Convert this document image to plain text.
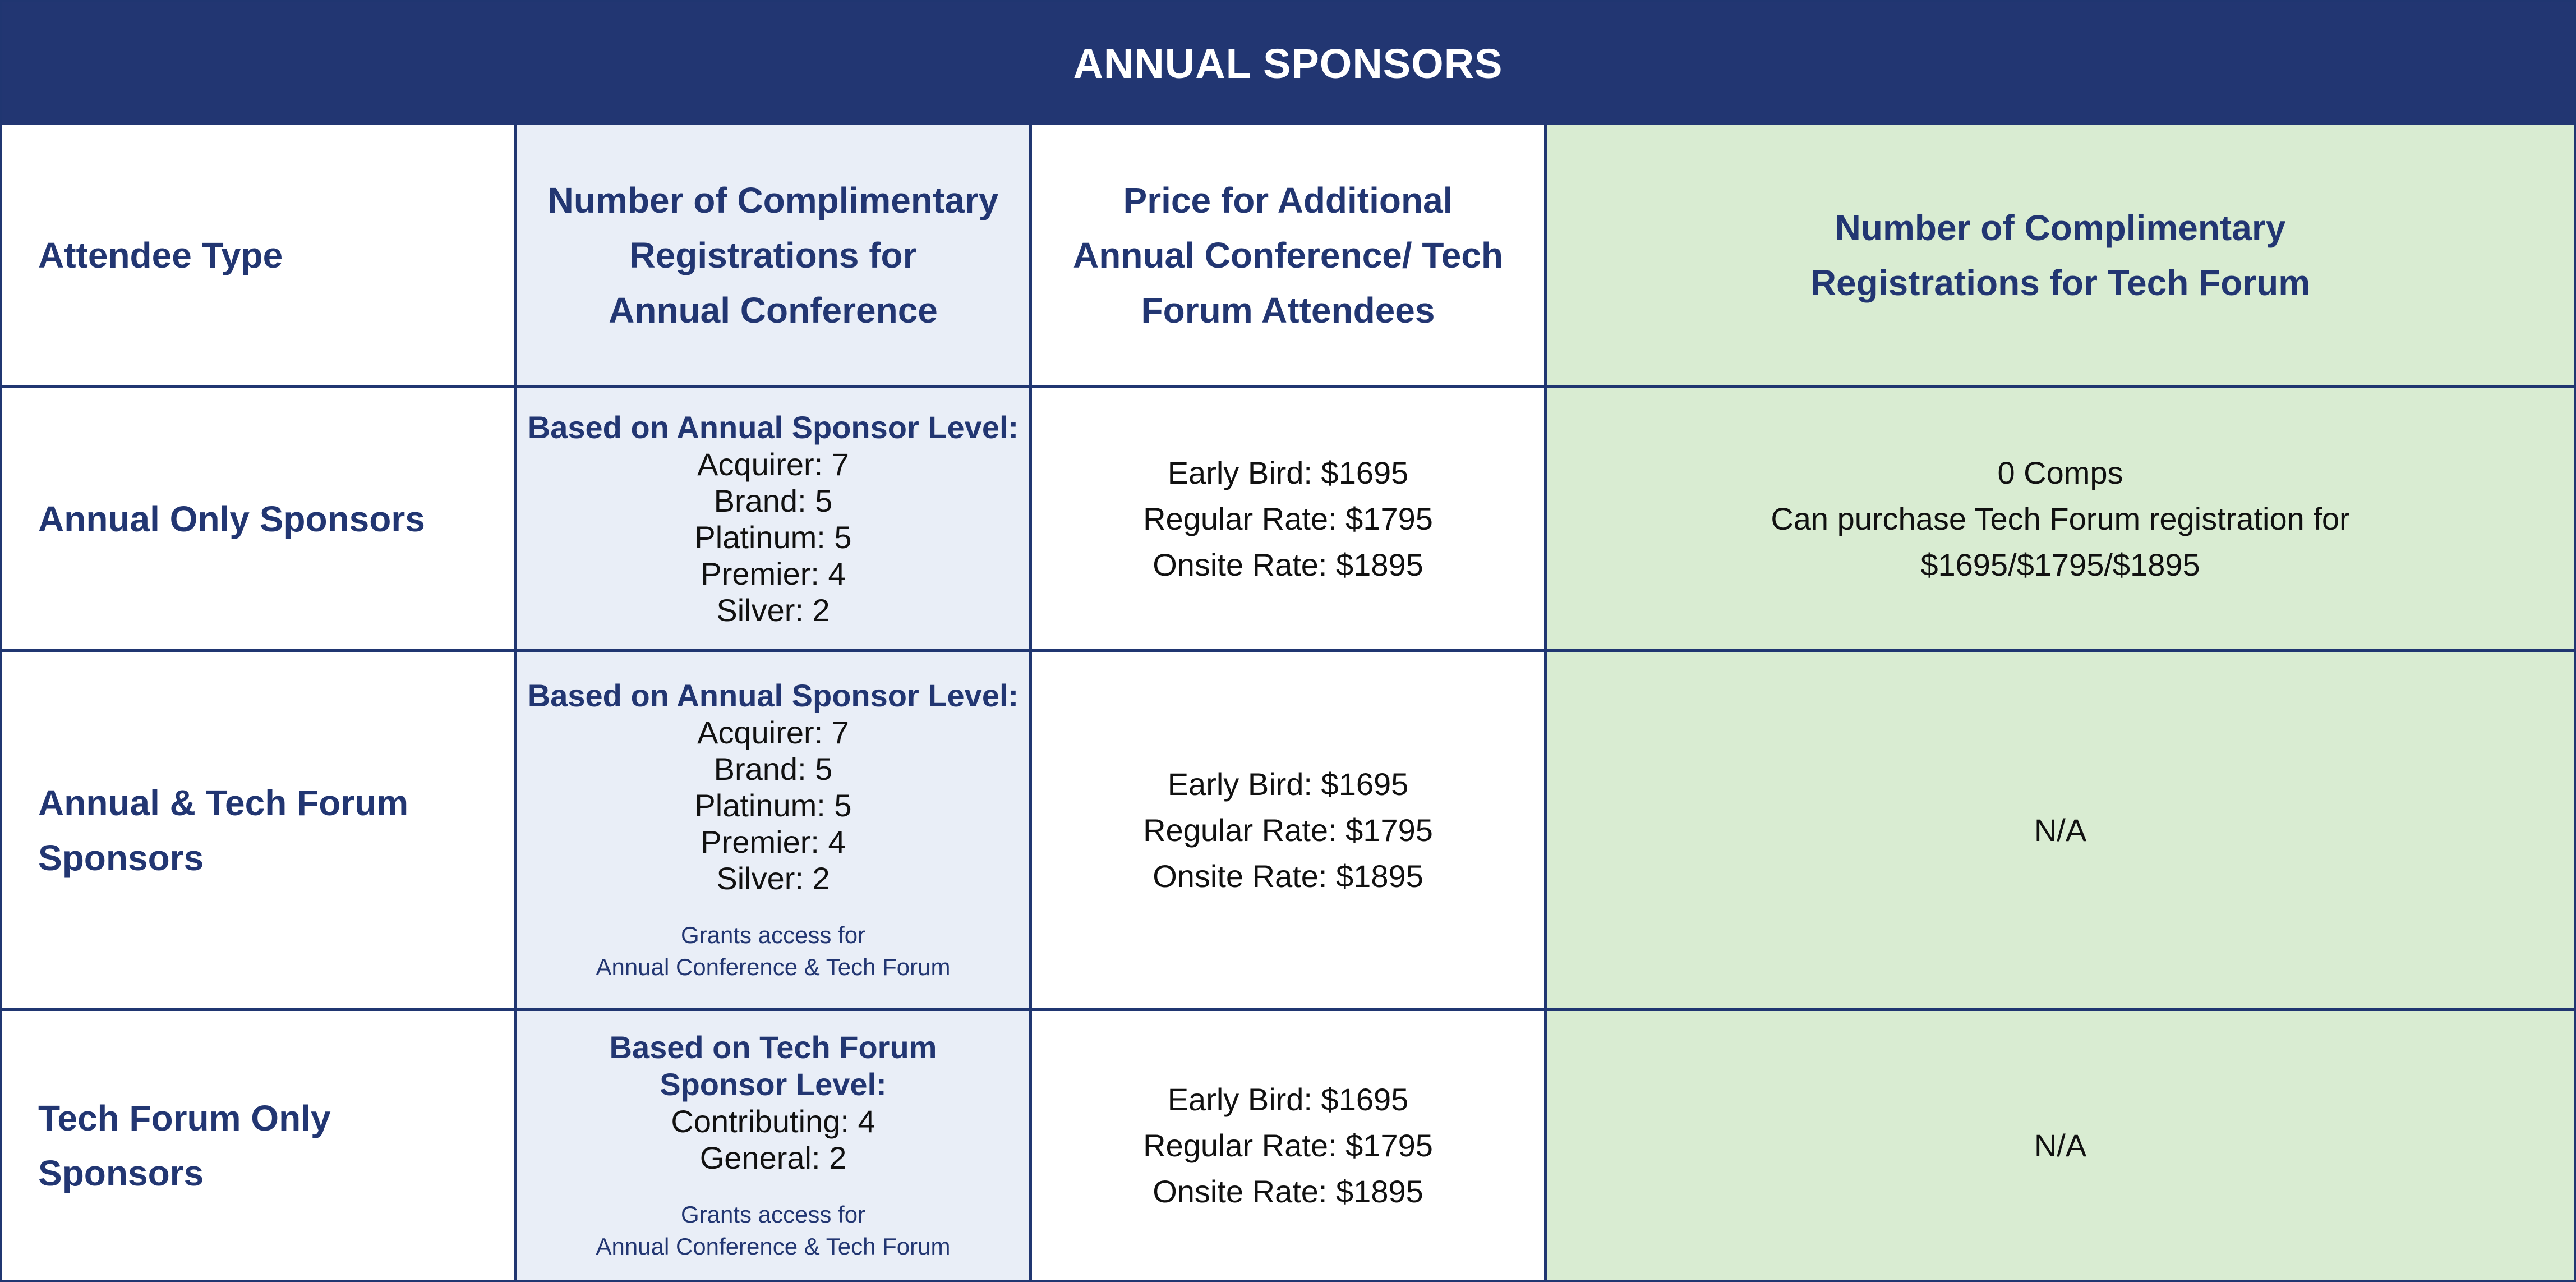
ANNUAL SPONSORS
Attendee Type
Number of Complimentary
Registrations for
Annual Conference
Price for Additional
Annual Conference/ Tech
Forum Attendees
Number of Complimentary
Registrations for Tech Forum
Annual Only Sponsors
Based on Annual Sponsor Level:
Acquirer: 7
Brand: 5
Platinum: 5
Premier: 4
Silver: 2
Early Bird: $1695
Regular Rate: $1795
Onsite Rate: $1895
0 Comps
Can purchase Tech Forum registration for
$1695/$1795/$1895
Annual & Tech Forum
Sponsors
Based on Annual Sponsor Level:
Acquirer: 7
Brand: 5
Platinum: 5
Premier: 4
Silver: 2
Grants access for
Annual Conference & Tech Forum
Early Bird: $1695
Regular Rate: $1795
Onsite Rate: $1895
N/A
Tech Forum Only
Sponsors
Based on Tech Forum
Sponsor Level:
Contributing: 4
General: 2
Grants access for
Annual Conference & Tech Forum
Early Bird: $1695
Regular Rate: $1795
Onsite Rate: $1895
N/A
